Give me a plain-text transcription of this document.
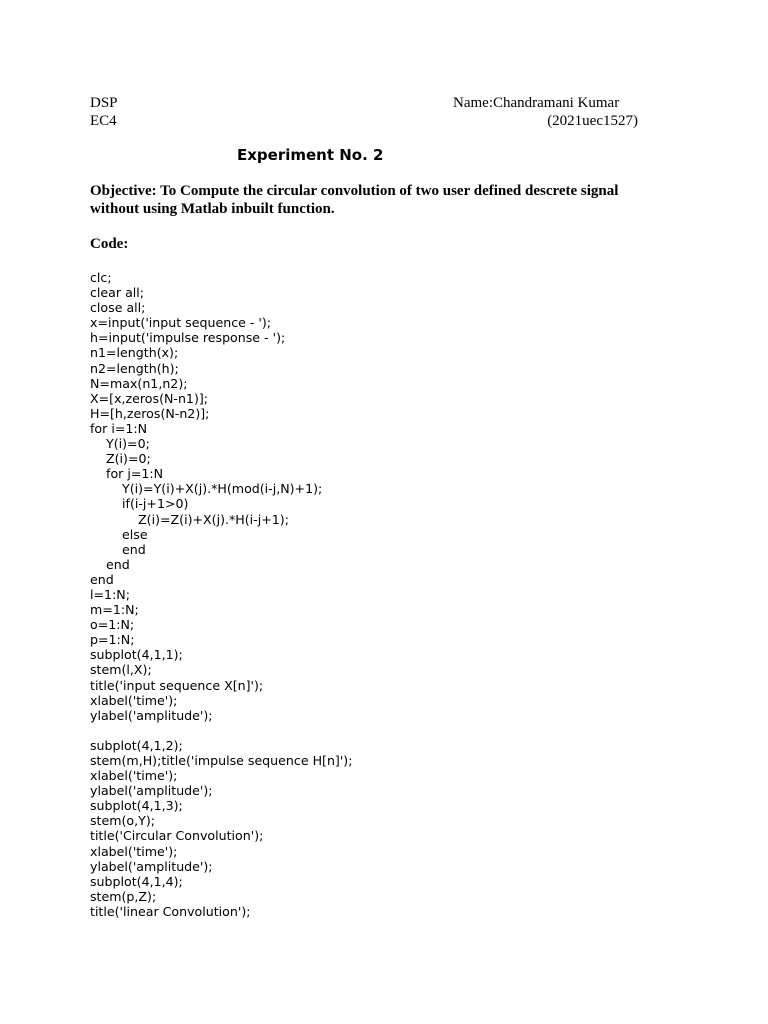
DSP
EC4
Name:Chandramani Kumar
(2021uec1527)
Experiment No. 2
Objective: To Compute the circular convolution of two user defined descrete signal without using Matlab inbuilt function.
Code:
clc;
clear all;
close all;
x=input('input sequence - ');
h=input('impulse response - ');
n1=length(x);
n2=length(h);
N=max(n1,n2);
X=[x,zeros(N-n1)];
H=[h,zeros(N-n2)];
for i=1:N
Y(i)=0;
Z(i)=0;
for j=1:N
Y(i)=Y(i)+X(j).*H(mod(i-j,N)+1);
if(i-j+1>0)
Z(i)=Z(i)+X(j).*H(i-j+1);
else
end
end
end
l=1:N;
m=1:N;
o=1:N;
p=1:N;
subplot(4,1,1);
stem(l,X);
title('input sequence X[n]');
xlabel('time');
ylabel('amplitude');
subplot(4,1,2);
stem(m,H);title('impulse sequence H[n]');
xlabel('time');
ylabel('amplitude');
subplot(4,1,3);
stem(o,Y);
title('Circular Convolution');
xlabel('time');
ylabel('amplitude');
subplot(4,1,4);
stem(p,Z);
title('linear Convolution');
